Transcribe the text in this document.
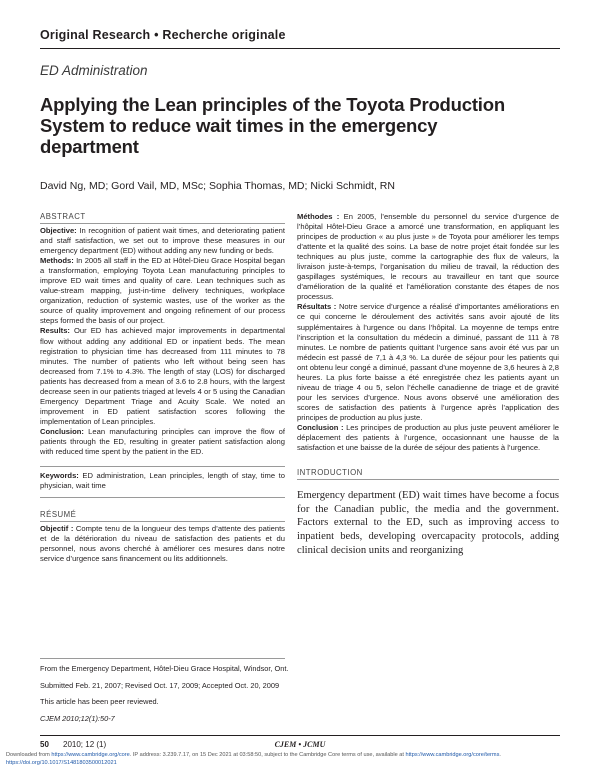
Original Research • Recherche originale
ED Administration
Applying the Lean principles of the Toyota Production System to reduce wait times in the emergency department
David Ng, MD; Gord Vail, MD, MSc; Sophia Thomas, MD; Nicki Schmidt, RN
ABSTRACT

Objective: In recognition of patient wait times, and deteriorating patient and staff satisfaction, we set out to improve these measures in our emergency department (ED) without adding any new funding or beds.

Methods: In 2005 all staff in the ED at Hôtel-Dieu Grace Hospital began a transformation, employing Toyota Lean manufacturing principles to improve ED wait times and quality of care. Lean techniques such as value-stream mapping, just-in-time delivery techniques, workplace organization, reduction of systemic wastes, use of the worker as the source of quality improvement and ongoing refinement of our process steps formed the basis of our project.

Results: Our ED has achieved major improvements in departmental flow without adding any additional ED or inpatient beds. The mean registration to physician time has decreased from 111 minutes to 78 minutes. The number of patients who left without being seen has decreased from 7.1% to 4.3%. The length of stay (LOS) for discharged patients has decreased from a mean of 3.6 to 2.8 hours, with the largest decrease seen in our patients triaged at levels 4 or 5 using the Canadian Emergency Department Triage and Acuity Scale. We noted an improvement in ED patient satisfaction scores following the implementation of Lean principles.

Conclusion: Lean manufacturing principles can improve the flow of patients through the ED, resulting in greater patient satisfaction along with reduced time spent by the patient in the ED.

Keywords: ED administration, Lean principles, length of stay, time to physician, wait time

RÉSUMÉ

Objectif : Compte tenu de la longueur des temps d’attente des patients et de la détérioration du niveau de satisfaction des patients et du personnel, nous avons cherché à améliorer ces mesures dans notre service d’urgence sans financement ou lits additionnels.

Méthodes : En 2005, l’ensemble du personnel du service d’urgence de l’hôpital Hôtel-Dieu Grace a amorcé une transformation, en appliquant les principes de production « au plus juste » de Toyota pour améliorer les temps d’attente et la qualité des soins. La base de notre projet était fondée sur les techniques au plus juste, comme la cartographie des flux de valeurs, la livraison juste-à-temps, l’organisation du milieu de travail, la réduction des gaspillages systémiques, le recours au travailleur en tant que source d’amélioration de la qualité et l’amélioration constante des étapes de nos processus.

Résultats : Notre service d’urgence a réalisé d’importantes améliorations en ce qui concerne le déroulement des activités sans avoir ajouté de lits supplémentaires à l’urgence ou dans l’hôpital. La moyenne de temps entre l’inscription et la consultation du médecin a diminué, passant de 111 à 78 minutes. Le nombre de patients quittant l’urgence sans avoir été vus par un médecin est passé de 7,1 à 4,3 %. La durée de séjour pour les patients qui ont obtenu leur congé a diminué, passant d’une moyenne de 3,6 heures à 2,8 heures. La plus forte baisse a été enregistrée chez les patients ayant un niveau de triage 4 ou 5, selon l’échelle canadienne de triage et de gravité pour les services d’urgence. Nous avons observé une amélioration des scores de satisfaction des patients à l’urgence après l’application des principes de production au plus juste.

Conclusion : Les principes de production au plus juste peuvent améliorer le déplacement des patients à l’urgence, occasionnant une hausse de la satisfaction et une baisse de la durée de séjour des patients à l’urgence.

INTRODUCTION

Emergency department (ED) wait times have become a focus for the Canadian public, the media and the government. Factors external to the ED, such as improving access to inpatient beds, developing overcapacity protocols, adding clinical decision units and reorganizing

From the Emergency Department, Hôtel-Dieu Grace Hospital, Windsor, Ont.
Submitted Feb. 21, 2007; Revised Oct. 17, 2009; Accepted Oct. 20, 2009
This article has been peer reviewed.
CJEM 2010;12(1):50-7
50 2010; 12 (1)	CJEM • JCMU
Downloaded from https://www.cambridge.org/core. IP address: 3.239.7.17, on 15 Dec 2021 at 03:58:50, subject to the Cambridge Core terms of use, available at https://www.cambridge.org/core/terms.
https://doi.org/10.1017/S1481803500012021
